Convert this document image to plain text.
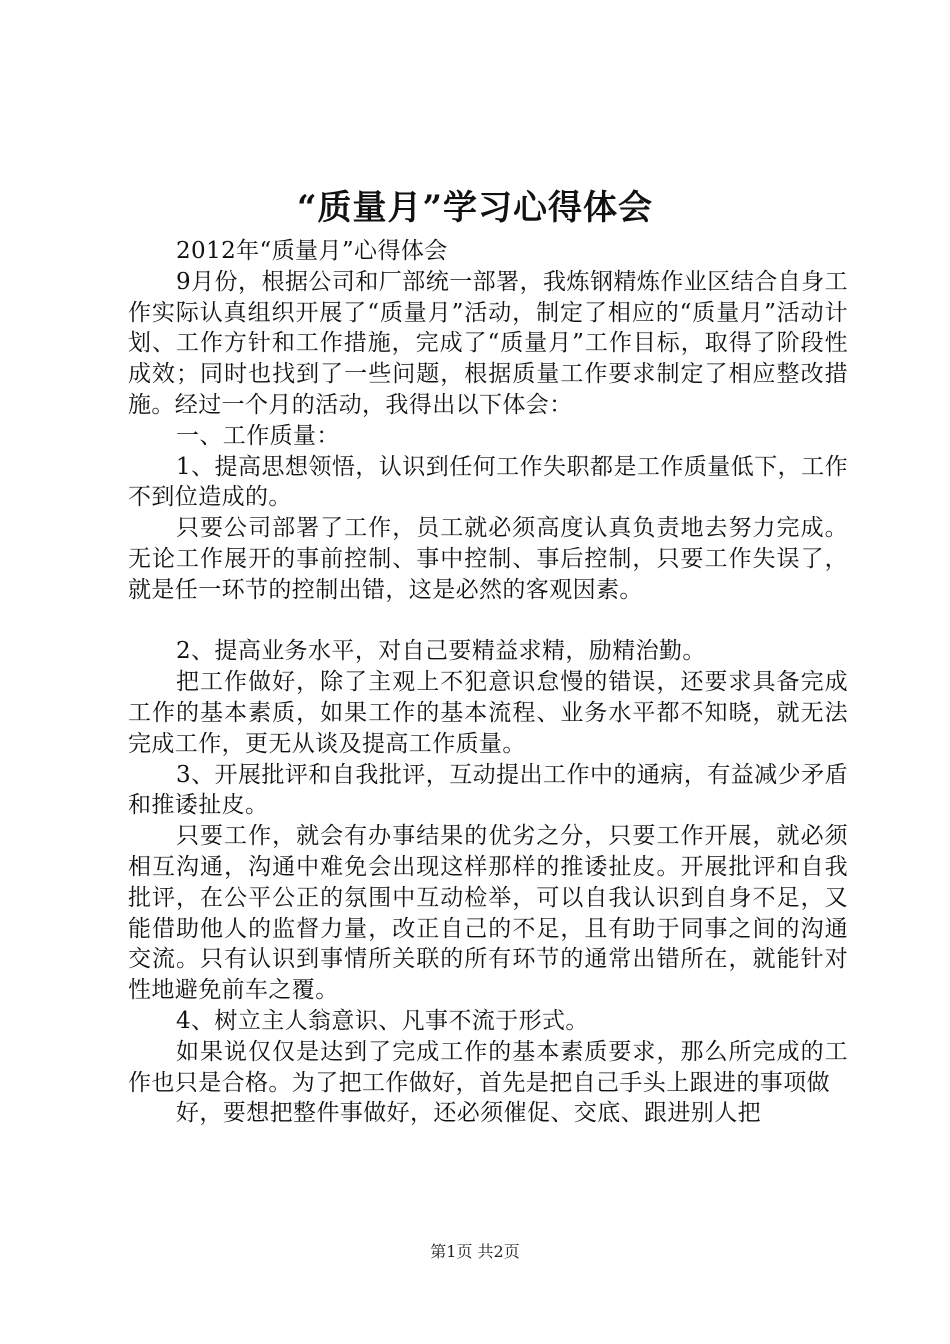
“质量月”学习心得体会

2012年“质量月”心得体会

9月份，根据公司和厂部统一部署，我炼钢精炼作业区结合自身工作实际认真组织开展了“质量月”活动，制定了相应的“质量月”活动计划、工作方针和工作措施，完成了“质量月”工作目标，取得了阶段性成效；同时也找到了一些问题，根据质量工作要求制定了相应整改措施。经过一个月的活动，我得出以下体会：

一、工作质量：

1、提高思想领悟，认识到任何工作失职都是工作质量低下，工作不到位造成的。

只要公司部署了工作，员工就必须高度认真负责地去努力完成。无论工作展开的事前控制、事中控制、事后控制，只要工作失误了，就是任一环节的控制出错，这是必然的客观因素。

2、提高业务水平，对自己要精益求精，励精治勤。

把工作做好，除了主观上不犯意识怠慢的错误，还要求具备完成工作的基本素质，如果工作的基本流程、业务水平都不知晓，就无法完成工作，更无从谈及提高工作质量。

3、开展批评和自我批评，互动提出工作中的通病，有益减少矛盾和推诿扯皮。

只要工作，就会有办事结果的优劣之分，只要工作开展，就必须相互沟通，沟通中难免会出现这样那样的推诿扯皮。开展批评和自我批评，在公平公正的氛围中互动检举，可以自我认识到自身不足，又能借助他人的监督力量，改正自己的不足，且有助于同事之间的沟通交流。只有认识到事情所关联的所有环节的通常出错所在，就能针对性地避免前车之覆。

4、树立主人翁意识、凡事不流于形式。

如果说仅仅是达到了完成工作的基本素质要求，那么所完成的工作也只是合格。为了把工作做好，首先是把自己手头上跟进的事项做

好，要想把整件事做好，还必须催促、交底、跟进别人把

第1页 共2页
